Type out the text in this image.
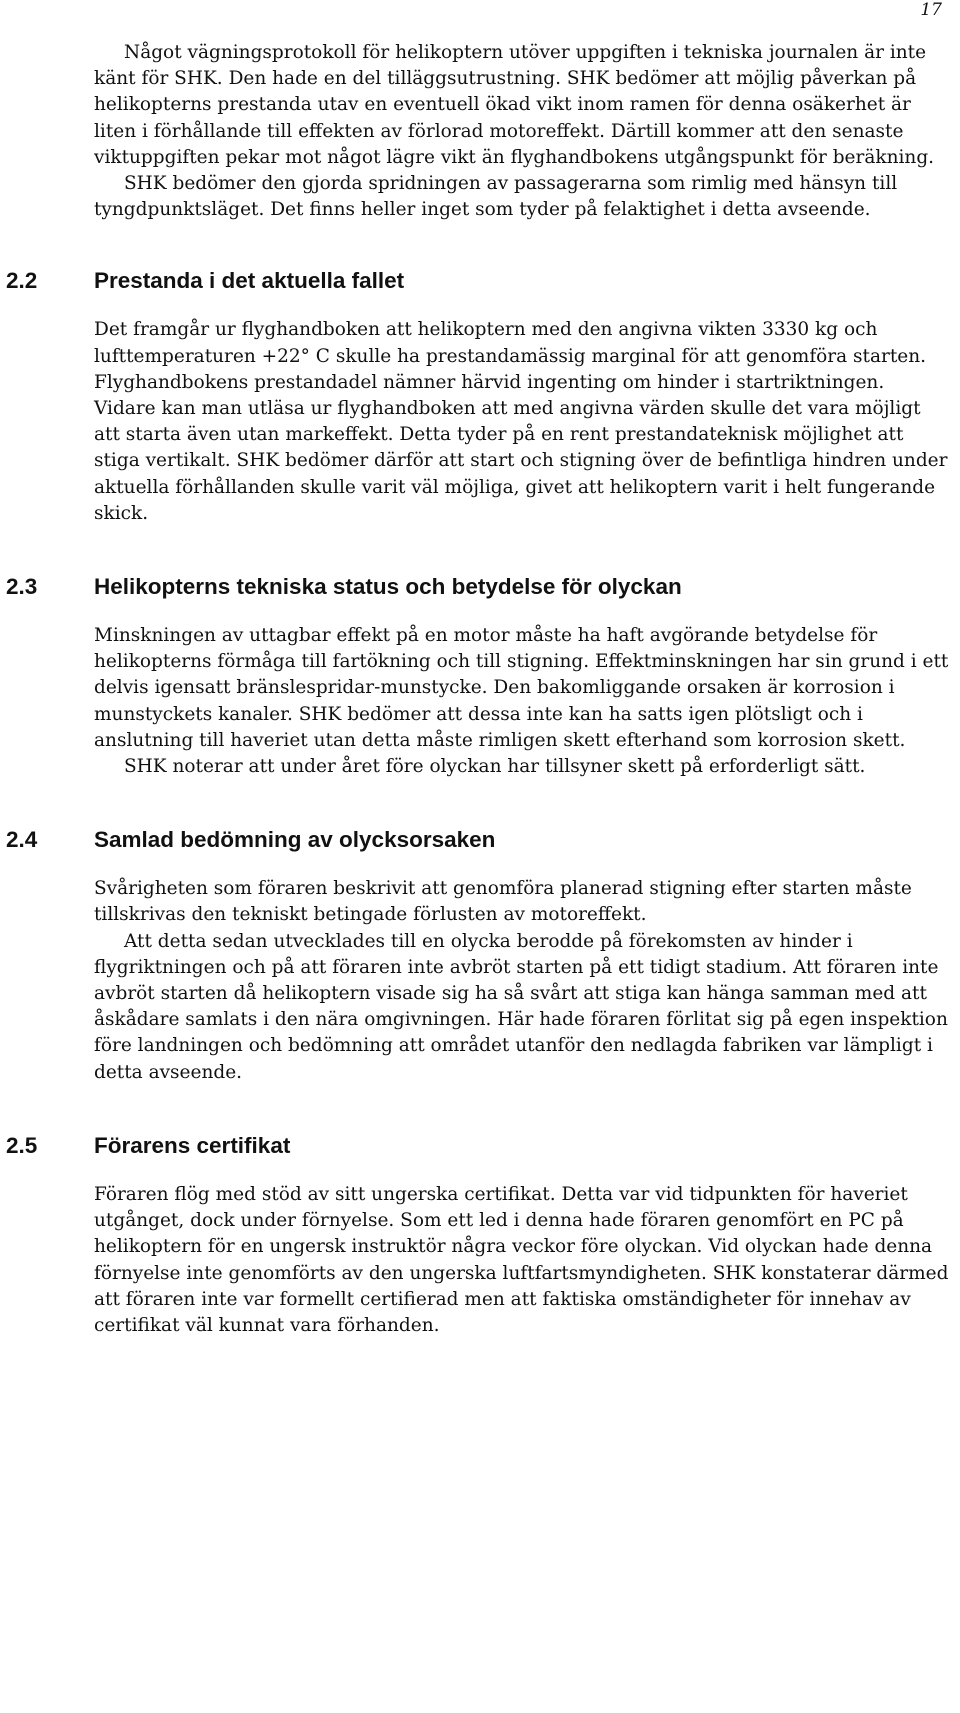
17

Något vägningsprotokoll för helikoptern utöver uppgiften i tekniska journalen är inte känt för SHK. Den hade en del tilläggsutrustning. SHK bedömer att möjlig påverkan på helikopterns prestanda utav en eventuell ökad vikt inom ramen för denna osäkerhet är liten i förhållande till effekten av förlorad motoreffekt. Därtill kommer att den senaste viktuppgiften pekar mot något lägre vikt än flyghandbokens utgångspunkt för beräkning.

SHK bedömer den gjorda spridningen av passagerarna som rimlig med hänsyn till tyngdpunktsläget. Det finns heller inget som tyder på felaktighet i detta avseende.

2.2	Prestanda i det aktuella fallet

Det framgår ur flyghandboken att helikoptern med den angivna vikten 3330 kg och lufttemperaturen +22° C skulle ha prestandamässig marginal för att genomföra starten. Flyghandbokens prestandadel nämner härvid ingenting om hinder i startriktningen. Vidare kan man utläsa ur flyghandboken att med angivna värden skulle det vara möjligt att starta även utan markeffekt. Detta tyder på en rent prestandateknisk möjlighet att stiga vertikalt. SHK bedömer därför att start och stigning över de befintliga hindren under aktuella förhållanden skulle varit väl möjliga, givet att helikoptern varit i helt fungerande skick.

2.3	Helikopterns tekniska status och betydelse för olyckan

Minskningen av uttagbar effekt på en motor måste ha haft avgörande betydelse för helikopterns förmåga till fartökning och till stigning. Effektminskningen har sin grund i ett delvis igensatt bränslespridar-munstycke. Den bakomliggande orsaken är korrosion i munstyckets kanaler. SHK bedömer att dessa inte kan ha satts igen plötsligt och i anslutning till haveriet utan detta måste rimligen skett efterhand som korrosion skett.

SHK noterar att under året före olyckan har tillsyner skett på erforderligt sätt.

2.4	Samlad bedömning av olycksorsaken

Svårigheten som föraren beskrivit att genomföra planerad stigning efter starten måste tillskrivas den tekniskt betingade förlusten av motoreffekt.

Att detta sedan utvecklades till en olycka berodde på förekomsten av hinder i flygriktningen och på att föraren inte avbröt starten på ett tidigt stadium. Att föraren inte avbröt starten då helikoptern visade sig ha så svårt att stiga kan hänga samman med att åskådare samlats i den nära omgivningen. Här hade föraren förlitat sig på egen inspektion före landningen och bedömning att området utanför den nedlagda fabriken var lämpligt i detta avseende.

2.5	Förarens certifikat

Föraren flög med stöd av sitt ungerska certifikat. Detta var vid tidpunkten för haveriet utgånget, dock under förnyelse. Som ett led i denna hade föraren genomfört en PC på helikoptern för en ungersk instruktör några veckor före olyckan. Vid olyckan hade denna förnyelse inte genomförts av den ungerska luftfartsmyndigheten. SHK konstaterar därmed att föraren inte var formellt certifierad men att faktiska omständigheter för innehav av certifikat väl kunnat vara förhanden.
